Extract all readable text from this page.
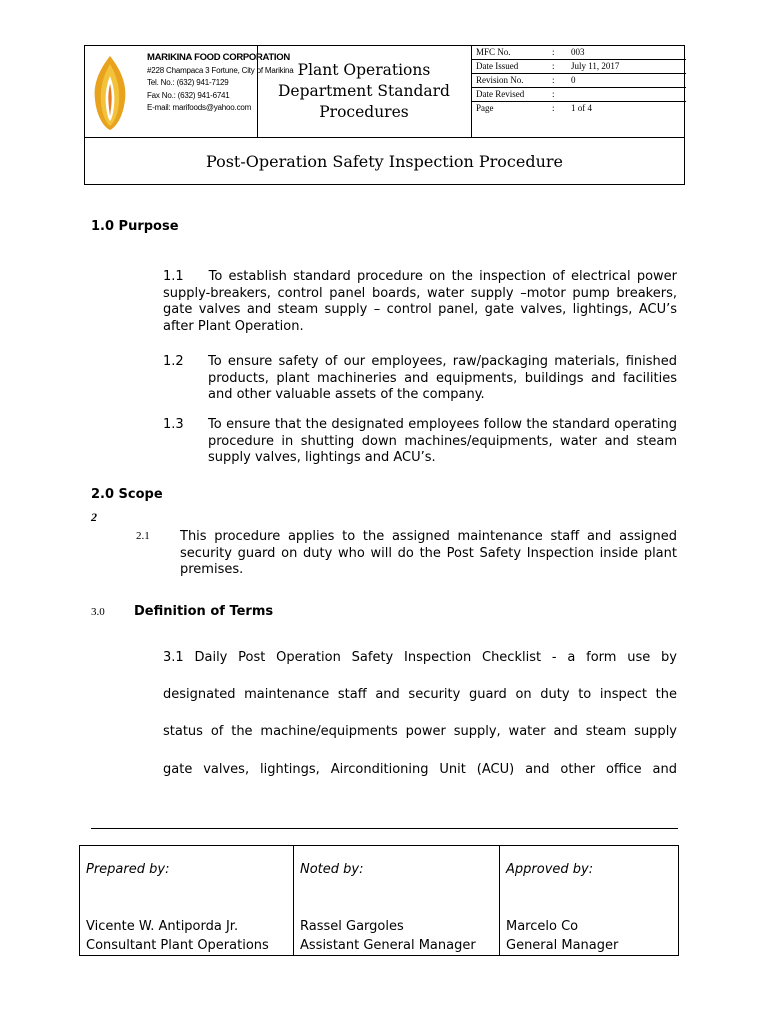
MARIKINA FOOD CORPORATION
#228 Champaca 3 Fortune, City of Marikina
Tel. No.: (632) 941-7129
Fax No.: (632) 941-6741
E-mail: marifoods@yahoo.com
Plant Operations
Department Standard
Procedures
MFC No.	: 003
Date Issued	: July 11, 2017
Revision No.	: 0
Date Revised	:
Page	: 1 of 4
Post-Operation Safety Inspection Procedure
1.0 Purpose
1.1 To establish standard procedure on the inspection of electrical power supply-breakers, control panel boards, water supply –motor pump breakers, gate valves and steam supply – control panel, gate valves, lightings, ACU’s after Plant Operation.
1.2 To ensure safety of our employees, raw/packaging materials, finished products, plant machineries and equipments, buildings and facilities and other valuable assets of the company.
1.3 To ensure that the designated employees follow the standard operating procedure in shutting down machines/equipments, water and steam supply valves, lightings and ACU’s.
2.0 Scope
2
2.1 This procedure applies to the assigned maintenance staff and assigned security guard on duty who will do the Post Safety Inspection inside plant premises.
3.0 Definition of Terms
3.1 Daily Post Operation Safety Inspection Checklist - a form use by
designated maintenance staff and security guard on duty to inspect the
status of the machine/equipments power supply, water and steam supply
gate valves, lightings, Airconditioning Unit (ACU) and other office and
Prepared by:
Vicente W. Antiporda Jr.
Consultant Plant Operations
Noted by:
Rassel Gargoles
Assistant General Manager
Approved by:
Marcelo Co
General Manager
